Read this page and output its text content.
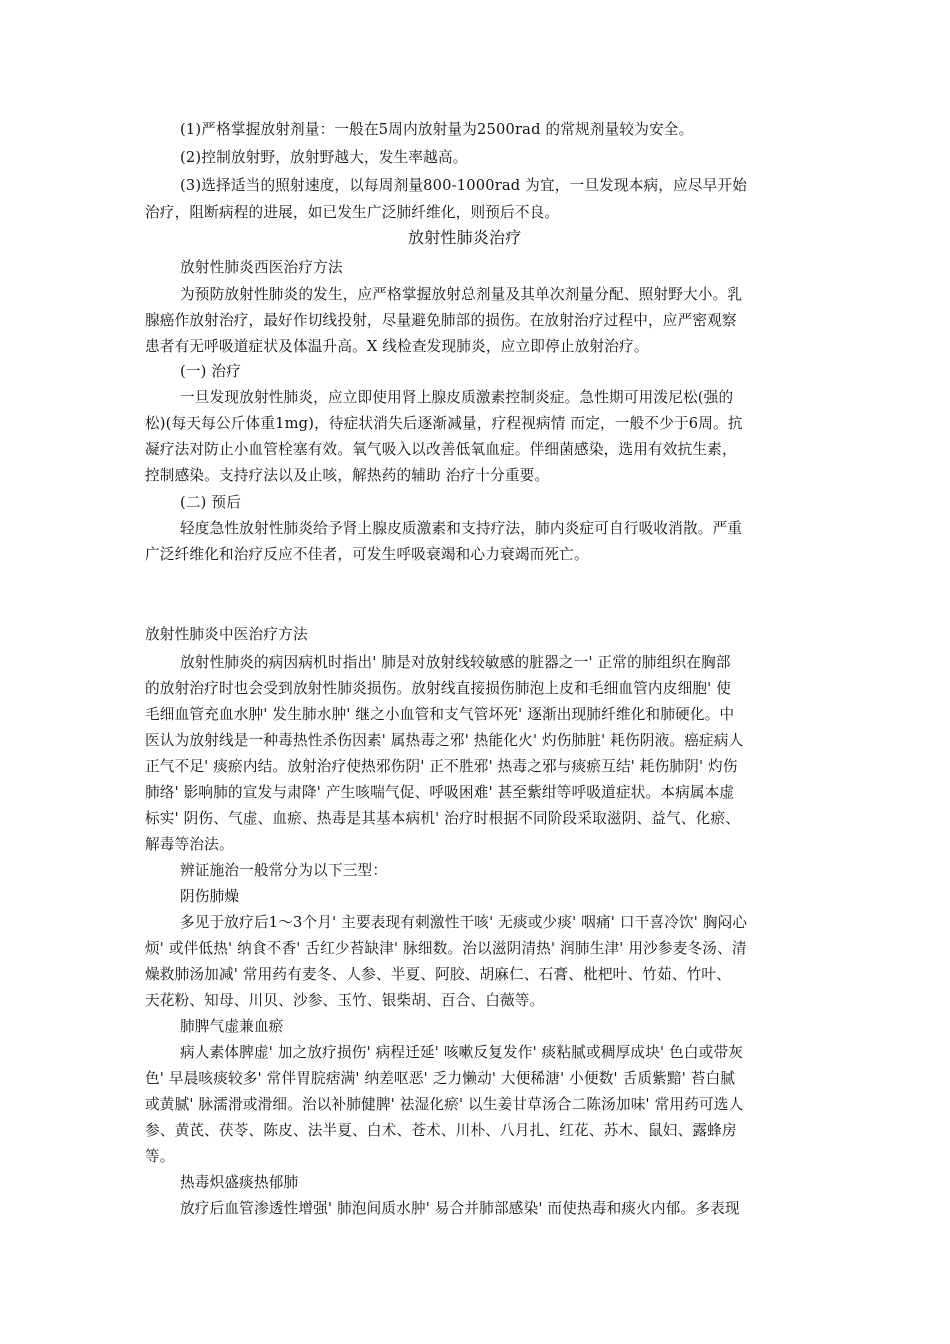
(1)严格掌握放射剂量：一般在5周内放射量为2500rad 的常规剂量较为安全。
(2)控制放射野，放射野越大，发生率越高。
(3)选择适当的照射速度，以每周剂量800-1000rad 为宜，一旦发现本病，应尽早开始
治疗，阻断病程的进展，如已发生广泛肺纤维化，则预后不良。
放射性肺炎治疗
放射性肺炎西医治疗方法
为预防放射性肺炎的发生，应严格掌握放射总剂量及其单次剂量分配、照射野大小。乳
腺癌作放射治疗，最好作切线投射，尽量避免肺部的损伤。在放射治疗过程中，应严密观察
患者有无呼吸道症状及体温升高。X 线检查发现肺炎，应立即停止放射治疗。
(一) 治疗
一旦发现放射性肺炎，应立即使用肾上腺皮质激素控制炎症。急性期可用泼尼松(强的
松)(每天每公斤体重1mg)，待症状消失后逐渐减量，疗程视病情 而定，一般不少于6周。抗
凝疗法对防止小血管栓塞有效。氧气吸入以改善低氧血症。伴细菌感染，选用有效抗生素，
控制感染。支持疗法以及止咳，解热药的辅助 治疗十分重要。
(二) 预后
轻度急性放射性肺炎给予肾上腺皮质激素和支持疗法，肺内炎症可自行吸收消散。严重
广泛纤维化和治疗反应不佳者，可发生呼吸衰竭和心力衰竭而死亡。
放射性肺炎中医治疗方法
放射性肺炎的病因病机时指出' 肺是对放射线较敏感的脏器之一' 正常的肺组织在胸部
的放射治疗时也会受到放射性肺炎损伤。放射线直接损伤肺泡上皮和毛细血管内皮细胞' 使
毛细血管充血水肿' 发生肺水肿' 继之小血管和支气管坏死' 逐渐出现肺纤维化和肺硬化。中
医认为放射线是一种毒热性杀伤因素' 属热毒之邪' 热能化火' 灼伤肺脏' 耗伤阴液。癌症病人
正气不足' 痰瘀内结。放射治疗使热邪伤阴' 正不胜邪' 热毒之邪与痰瘀互结' 耗伤肺阴' 灼伤
肺络' 影响肺的宣发与肃降' 产生咳喘气促、呼吸困难' 甚至紫绀等呼吸道症状。本病属本虚
标实' 阴伤、气虚、血瘀、热毒是其基本病机' 治疗时根据不同阶段采取滋阴、益气、化瘀、
解毒等治法。
辨证施治一般常分为以下三型：
阴伤肺燥
多见于放疗后1～3个月' 主要表现有刺激性干咳' 无痰或少痰' 咽痛' 口干喜冷饮' 胸闷心
烦' 或伴低热' 纳食不香' 舌红少苔缺津' 脉细数。治以滋阴清热' 润肺生津' 用沙参麦冬汤、清
燥救肺汤加减' 常用药有麦冬、人参、半夏、阿胶、胡麻仁、石膏、枇杷叶、竹茹、竹叶、
天花粉、知母、川贝、沙参、玉竹、银柴胡、百合、白薇等。
肺脾气虚兼血瘀
病人素体脾虚' 加之放疗损伤' 病程迁延' 咳嗽反复发作' 痰粘腻或稠厚成块' 色白或带灰
色' 早晨咳痰较多' 常伴胃脘痞满' 纳差呕恶' 乏力懒动' 大便稀溏' 小便数' 舌质紫黯' 苔白腻
或黄腻' 脉濡滑或滑细。治以补肺健脾' 祛湿化瘀' 以生姜甘草汤合二陈汤加味' 常用药可选人
参、黄芪、茯苓、陈皮、法半夏、白术、苍术、川朴、八月扎、红花、苏木、鼠妇、露蜂房
等。
热毒炽盛痰热郁肺
放疗后血管渗透性增强' 肺泡间质水肿' 易合并肺部感染' 而使热毒和痰火内郁。多表现
